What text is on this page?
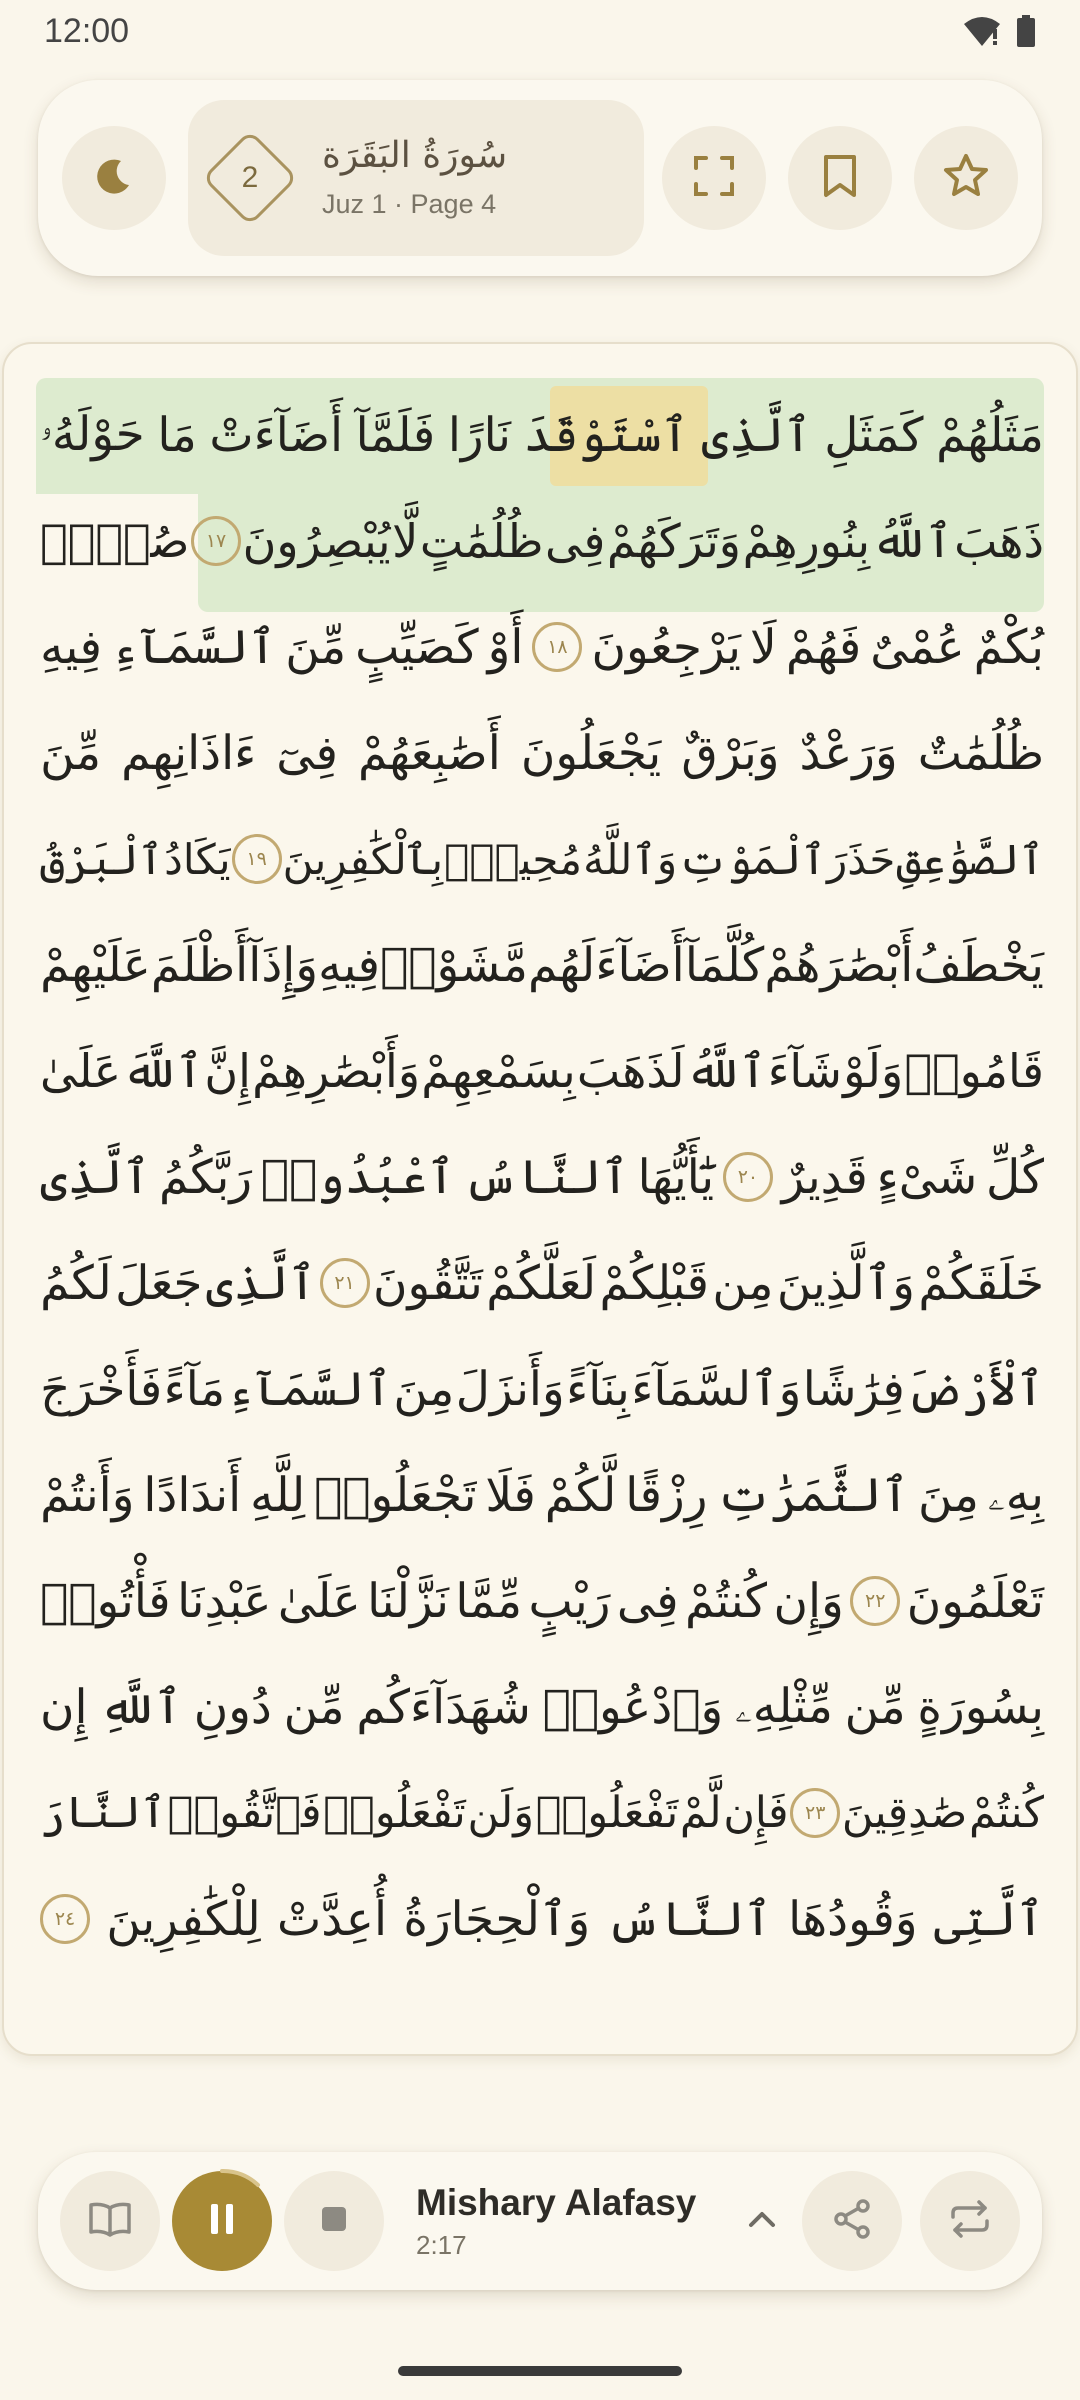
12:00
2
سُورَةُ البَقَرَة
Juz 1 · Page 4
مَثَلُهُمْ
كَمَثَلِ
ٱلَّذِى
ٱسْتَوْقَدَ
نَارًا
فَلَمَّآ
أَضَآءَتْ
مَا
حَوْلَهُۥ
ذَهَبَ
ٱللَّهُ
بِنُورِهِمْ
وَتَرَكَهُمْ
فِى
ظُلُمَٰتٍ
لَّا
يُبْصِرُونَ
١٧
صُمٌّۢ
بُكْمٌ
عُمْىٌ
فَهُمْ
لَا
يَرْجِعُونَ
١٨
أَوْ
كَصَيِّبٍ
مِّنَ
ٱلسَّمَآءِ
فِيهِ
ظُلُمَٰتٌ
وَرَعْدٌ
وَبَرْقٌ
يَجْعَلُونَ
أَصَٰبِعَهُمْ
فِىٓ
ءَاذَانِهِم
مِّنَ
ٱلصَّوَٰعِقِ
حَذَرَ
ٱلْمَوْتِ
وَٱللَّهُ
مُحِيطٌۢ
بِٱلْكَٰفِرِينَ
١٩
يَكَادُ
ٱلْبَرْقُ
يَخْطَفُ
أَبْصَٰرَهُمْ
كُلَّمَآ
أَضَآءَ
لَهُم
مَّشَوْا۟
فِيهِ
وَإِذَآ
أَظْلَمَ
عَلَيْهِمْ
قَامُوا۟
وَلَوْ
شَآءَ
ٱللَّهُ
لَذَهَبَ
بِسَمْعِهِمْ
وَأَبْصَٰرِهِمْ
إِنَّ
ٱللَّهَ
عَلَىٰ
كُلِّ
شَىْءٍ
قَدِيرٌ
٢٠
يَٰٓأَيُّهَا
ٱلنَّاسُ
ٱعْبُدُوا۟
رَبَّكُمُ
ٱلَّذِى
خَلَقَكُمْ
وَٱلَّذِينَ
مِن
قَبْلِكُمْ
لَعَلَّكُمْ
تَتَّقُونَ
٢١
ٱلَّذِى
جَعَلَ
لَكُمُ
ٱلْأَرْضَ
فِرَٰشًا
وَٱلسَّمَآءَ
بِنَآءً
وَأَنزَلَ
مِنَ
ٱلسَّمَآءِ
مَآءً
فَأَخْرَجَ
بِهِۦ
مِنَ
ٱلثَّمَرَٰتِ
رِزْقًا
لَّكُمْ
فَلَا
تَجْعَلُوا۟
لِلَّهِ
أَندَادًا
وَأَنتُمْ
تَعْلَمُونَ
٢٢
وَإِن
كُنتُمْ
فِى
رَيْبٍ
مِّمَّا
نَزَّلْنَا
عَلَىٰ
عَبْدِنَا
فَأْتُوا۟
بِسُورَةٍ
مِّن
مِّثْلِهِۦ
وَٱدْعُوا۟
شُهَدَآءَكُم
مِّن
دُونِ
ٱللَّهِ
إِن
كُنتُمْ
صَٰدِقِينَ
٢٣
فَإِن
لَّمْ
تَفْعَلُوا۟
وَلَن
تَفْعَلُوا۟
فَٱتَّقُوا۟
ٱلنَّارَ
ٱلَّتِى
وَقُودُهَا
ٱلنَّاسُ
وَٱلْحِجَارَةُ
أُعِدَّتْ
لِلْكَٰفِرِينَ
٢٤
Mishary Alafasy
2:17
